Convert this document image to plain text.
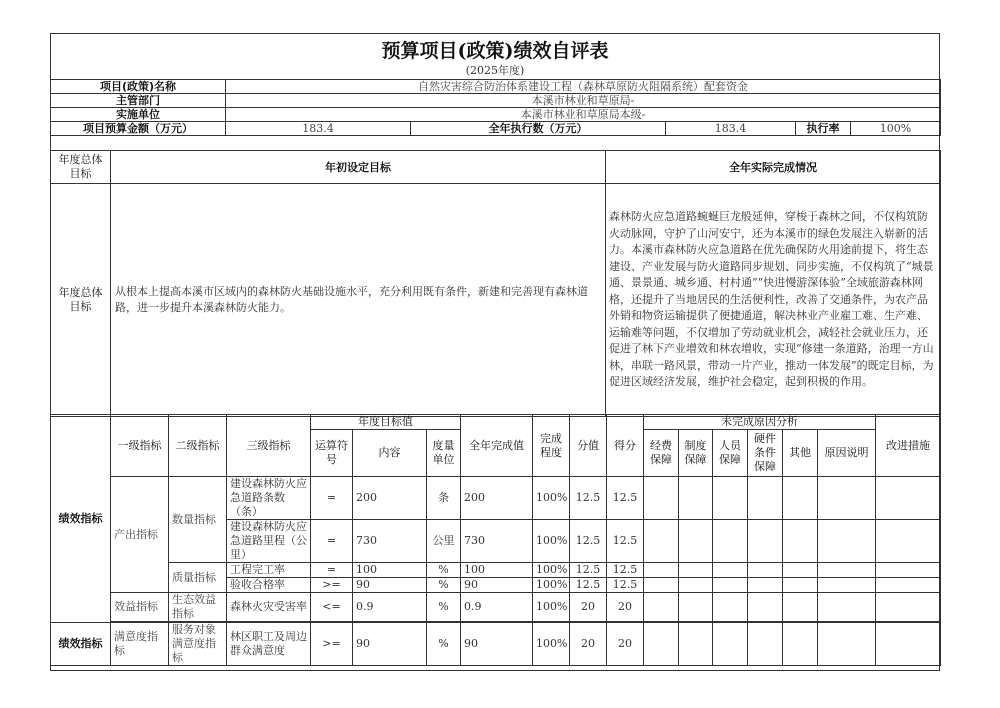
预算项目(政策)绩效自评表
(2025年度)
项目(政策)名称	自然灾害综合防治体系建设工程（森林草原防火阻隔系统）配套资金				
主管部门	本溪市林业和草原局-				
实施单位	本溪市林业和草原局本级-				
项目预算金额（万元）	183.4	全年执行数（万元）	183.4	执行率	100%
年度总体目标	年初设定目标	全年实际完成情况
年度总体目标	从根本上提高本溪市区域内的森林防火基础设施水平，充分利用既有条件，新建和完善现有森林道路，进一步提升本溪森林防火能力。	森林防火应急道路蜿蜒巨龙般延伸，穿梭于森林之间，不仅构筑防火动脉网，守护了山河安宁，还为本溪市的绿色发展注入崭新的活力。本溪市森林防火应急道路在优先确保防火用途前提下，将生态建设、产业发展与防火道路同步规划、同步实施，不仅构筑了“城景通、景景通、城乡通、村村通”“快进慢游深体验”全域旅游森林网格，还提升了当地居民的生活便利性，改善了交通条件，为农产品外销和物资运输提供了便捷通道，解决林业产业雇工难、生产难、运输难等问题，不仅增加了劳动就业机会，减轻社会就业压力，还促进了林下产业增效和林农增收，实现“修建一条道路，治理一方山林，串联一路风景，带动一片产业，推动一体发展”的既定目标，为促进区域经济发展，维护社会稳定，起到积极的作用。
绩效指标	一级指标	二级指标	三级指标	年度目标值			全年完成值	完成程度	分值	得分	未完成原因分析						改进措施
				运算符号	内容	度量单位					经费保障	制度保障	人员保障	硬件条件保障	其他	原因说明	
	产出指标	数量指标	建设森林防火应急道路条数（条）	=	200	条	200	100%	12.5	12.5							
			建设森林防火应急道路里程（公里）	=	730	公里	730	100%	12.5	12.5							
		质量指标	工程完工率	=	100	%	100	100%	12.5	12.5							
			验收合格率	>=	90	%	90	100%	12.5	12.5							
	效益指标	生态效益指标	森林火灾受害率	<=	0.9	%	0.9	100%	20	20							

绩效指标	满意度指标	服务对象满意度指标	林区职工及周边群众满意度	>=	90	%	90	100%	20	20							
